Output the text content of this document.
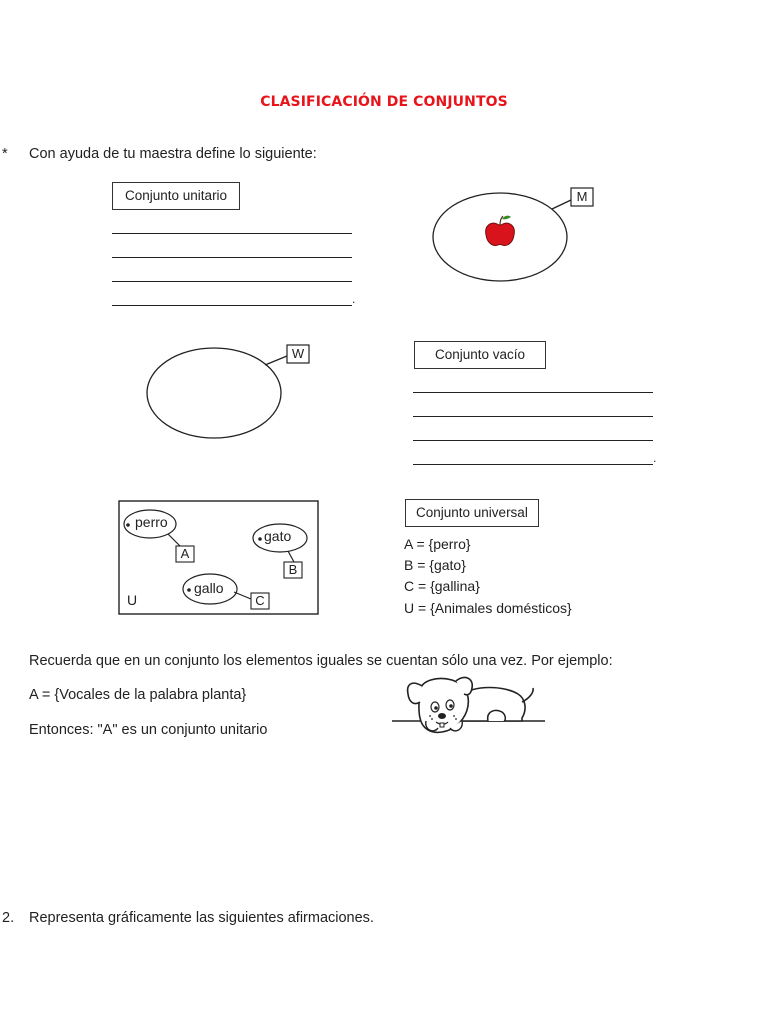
CLASIFICACIÓN DE CONJUNTOS
* Con ayuda de tu maestra define lo siguiente:
Conjunto unitario
.
M
W	Conjunto vacío
.
perro
A
gato
B
gallo
C
U
Conjunto universal
A = {perro}
B = {gato}
C = {gallina}
U = {Animales domésticos}
Recuerda que en un conjunto los elementos iguales se cuentan sólo una vez. Por ejemplo:
A = {Vocales de la palabra planta}
Entonces: "A" es un conjunto unitario
2. Representa gráficamente las siguientes afirmaciones.
